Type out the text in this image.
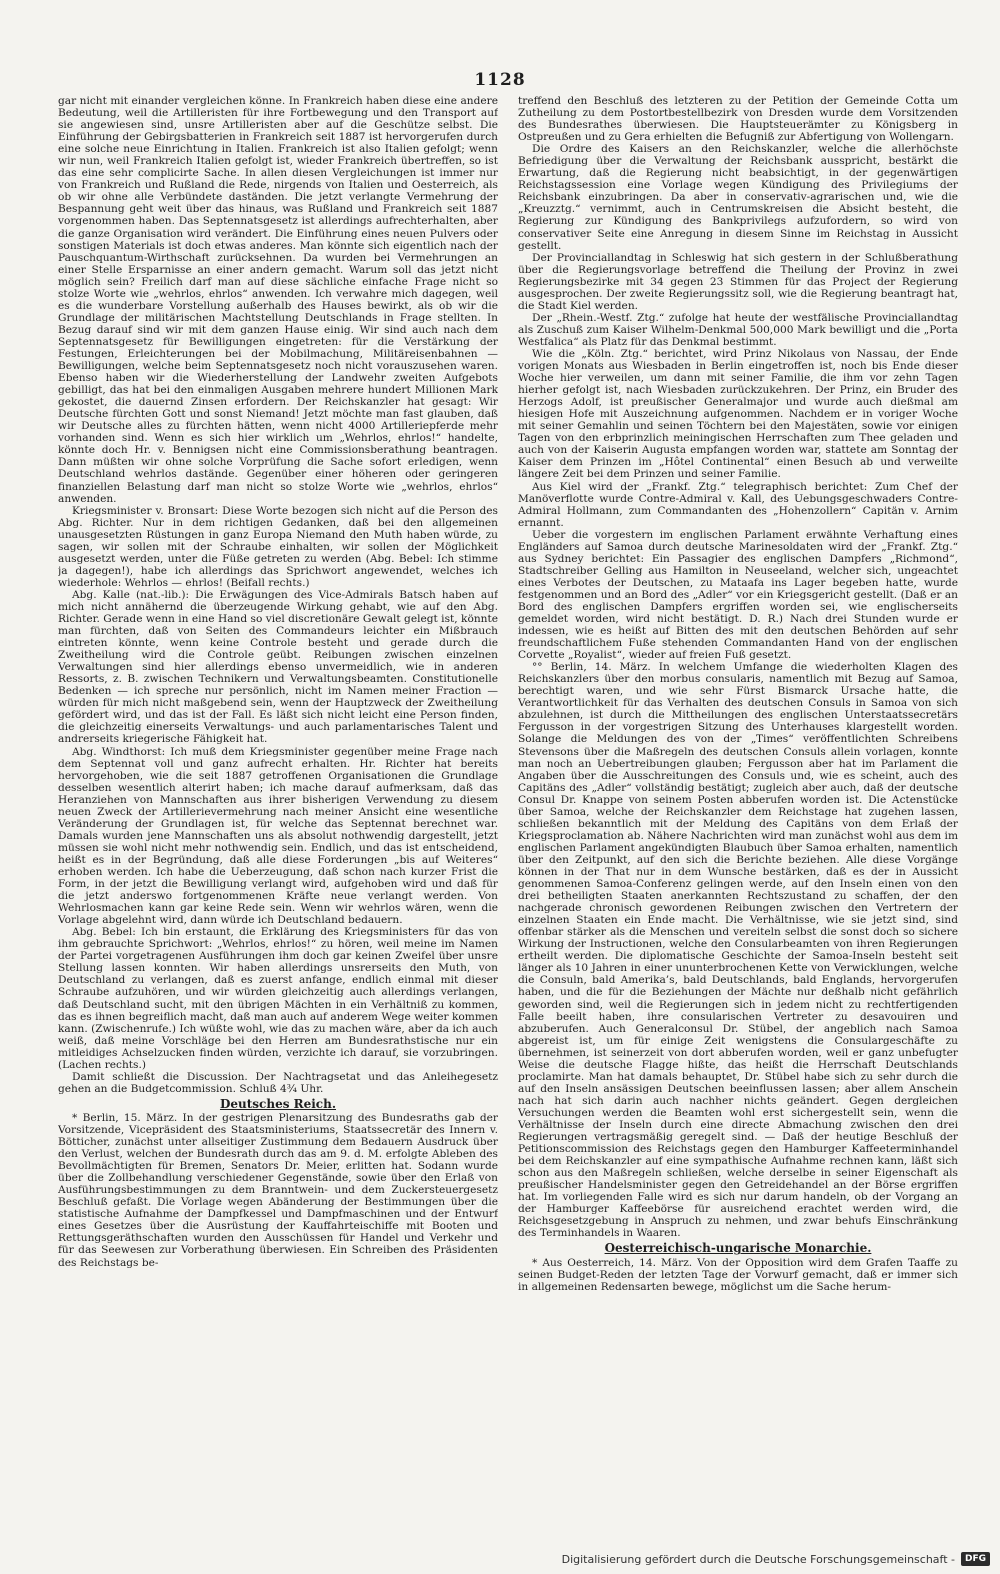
1128

gar nicht mit einander vergleichen könne. In Frankreich haben diese eine andere Bedeutung, weil die Artilleristen für ihre Fortbewegung und den Transport auf sie angewiesen sind, unsre Artilleristen aber auf die Geschütze selbst. Die Einführung der Gebirgsbatterien in Frankreich seit 1887 ist hervorgerufen durch eine solche neue Einrichtung in Italien. Frankreich ist also Italien gefolgt; wenn wir nun, weil Frankreich Italien gefolgt ist, wieder Frankreich übertreffen, so ist das eine sehr complicirte Sache. In allen diesen Vergleichungen ist immer nur von Frankreich und Rußland die Rede, nirgends von Italien und Oesterreich, als ob wir ohne alle Verbündete daständen. Die jetzt verlangte Vermehrung der Bespannung geht weit über das hinaus, was Rußland und Frankreich seit 1887 vorgenommen haben. Das Septennatsgesetz ist allerdings aufrechterhalten, aber die ganze Organisation wird verändert. Die Einführung eines neuen Pulvers oder sonstigen Materials ist doch etwas anderes. Man könnte sich eigentlich nach der Pauschquantum-Wirthschaft zurücksehnen. Da wurden bei Vermehrungen an einer Stelle Ersparnisse an einer andern gemacht. Warum soll das jetzt nicht möglich sein? Freilich darf man auf diese sächliche einfache Frage nicht so stolze Worte wie „wehrlos, ehrlos“ anwenden. Ich verwahre mich dagegen, weil es die wunderbare Vorstellung außerhalb des Hauses bewirkt, als ob wir die Grundlage der militärischen Machtstellung Deutschlands in Frage stellten. In Bezug darauf sind wir mit dem ganzen Hause einig. Wir sind auch nach dem Septennatsgesetz für Bewilligungen eingetreten: für die Verstärkung der Festungen, Erleichterungen bei der Mobilmachung, Militäreisenbahnen — Bewilligungen, welche beim Septennatsgesetz noch nicht vorauszusehen waren. Ebenso haben wir die Wiederherstellung der Landwehr zweiten Aufgebots gebilligt, das hat bei den einmaligen Ausgaben mehrere hundert Millionen Mark gekostet, die dauernd Zinsen erfordern. Der Reichskanzler hat gesagt: Wir Deutsche fürchten Gott und sonst Niemand! Jetzt möchte man fast glauben, daß wir Deutsche alles zu fürchten hätten, wenn nicht 4000 Artilleriepferde mehr vorhanden sind. Wenn es sich hier wirklich um „Wehrlos, ehrlos!“ handelte, könnte doch Hr. v. Bennigsen nicht eine Commissionsberathung beantragen. Dann müßten wir ohne solche Vorprüfung die Sache sofort erledigen, wenn Deutschland wehrlos dastände. Gegenüber einer höheren oder geringeren finanziellen Belastung darf man nicht so stolze Worte wie „wehrlos, ehrlos“ anwenden.

Kriegsminister v. Bronsart: Diese Worte bezogen sich nicht auf die Person des Abg. Richter. Nur in dem richtigen Gedanken, daß bei den allgemeinen unausgesetzten Rüstungen in ganz Europa Niemand den Muth haben würde, zu sagen, wir sollen mit der Schraube einhalten, wir sollen der Möglichkeit ausgesetzt werden, unter die Füße getreten zu werden (Abg. Bebel: Ich stimme ja dagegen!), habe ich allerdings das Sprichwort angewendet, welches ich wiederhole: Wehrlos — ehrlos! (Beifall rechts.)

Abg. Kalle (nat.-lib.): Die Erwägungen des Vice-Admirals Batsch haben auf mich nicht annähernd die überzeugende Wirkung gehabt, wie auf den Abg. Richter. Gerade wenn in eine Hand so viel discretionäre Gewalt gelegt ist, könnte man fürchten, daß von Seiten des Commandeurs leichter ein Mißbrauch eintreten könnte, wenn keine Controle besteht und gerade durch die Zweitheilung wird die Controle geübt. Reibungen zwischen einzelnen Verwaltungen sind hier allerdings ebenso unvermeidlich, wie in anderen Ressorts, z. B. zwischen Technikern und Verwaltungsbeamten. Constitutionelle Bedenken — ich spreche nur persönlich, nicht im Namen meiner Fraction — würden für mich nicht maßgebend sein, wenn der Hauptzweck der Zweitheilung gefördert wird, und das ist der Fall. Es läßt sich nicht leicht eine Person finden, die gleichzeitig einerseits Verwaltungs- und auch parlamentarisches Talent und andrerseits kriegerische Fähigkeit hat.

Abg. Windthorst: Ich muß dem Kriegsminister gegenüber meine Frage nach dem Septennat voll und ganz aufrecht erhalten. Hr. Richter hat bereits hervorgehoben, wie die seit 1887 getroffenen Organisationen die Grundlage desselben wesentlich alterirt haben; ich mache darauf aufmerksam, daß das Heranziehen von Mannschaften aus ihrer bisherigen Verwendung zu diesem neuen Zweck der Artillerievermehrung nach meiner Ansicht eine wesentliche Veränderung der Grundlagen ist, für welche das Septennat berechnet war. Damals wurden jene Mannschaften uns als absolut nothwendig dargestellt, jetzt müssen sie wohl nicht mehr nothwendig sein. Endlich, und das ist entscheidend, heißt es in der Begründung, daß alle diese Forderungen „bis auf Weiteres“ erhoben werden. Ich habe die Ueberzeugung, daß schon nach kurzer Frist die Form, in der jetzt die Bewilligung verlangt wird, aufgehoben wird und daß für die jetzt anderswo fortgenommenen Kräfte neue verlangt werden. Von Wehrlosmachen kann gar keine Rede sein. Wenn wir wehrlos wären, wenn die Vorlage abgelehnt wird, dann würde ich Deutschland bedauern.

Abg. Bebel: Ich bin erstaunt, die Erklärung des Kriegsministers für das von ihm gebrauchte Sprichwort: „Wehrlos, ehrlos!“ zu hören, weil meine im Namen der Partei vorgetragenen Ausführungen ihm doch gar keinen Zweifel über unsre Stellung lassen konnten. Wir haben allerdings unsrerseits den Muth, von Deutschland zu verlangen, daß es zuerst anfange, endlich einmal mit dieser Schraube aufzuhören, und wir würden gleichzeitig auch allerdings verlangen, daß Deutschland sucht, mit den übrigen Mächten in ein Verhältniß zu kommen, das es ihnen begreiflich macht, daß man auch auf anderem Wege weiter kommen kann. (Zwischenrufe.) Ich wüßte wohl, wie das zu machen wäre, aber da ich auch weiß, daß meine Vorschläge bei den Herren am Bundesrathstische nur ein mitleidiges Achselzucken finden würden, verzichte ich darauf, sie vorzubringen. (Lachen rechts.)

Damit schließt die Discussion. Der Nachtragsetat und das Anleihegesetz gehen an die Budgetcommission. Schluß 4¾ Uhr.

Deutsches Reich.

* Berlin, 15. März. In der gestrigen Plenarsitzung des Bundesraths gab der Vorsitzende, Vicepräsident des Staatsministeriums, Staatssecretär des Innern v. Bötticher, zunächst unter allseitiger Zustimmung dem Bedauern Ausdruck über den Verlust, welchen der Bundesrath durch das am 9. d. M. erfolgte Ableben des Bevollmächtigten für Bremen, Senators Dr. Meier, erlitten hat. Sodann wurde über die Zollbehandlung verschiedener Gegenstände, sowie über den Erlaß von Ausführungsbestimmungen zu dem Branntwein- und dem Zuckersteuergesetz Beschluß gefaßt. Die Vorlage wegen Abänderung der Bestimmungen über die statistische Aufnahme der Dampfkessel und Dampfmaschinen und der Entwurf eines Gesetzes über die Ausrüstung der Kauffahrteischiffe mit Booten und Rettungsgeräthschaften wurden den Ausschüssen für Handel und Verkehr und für das Seewesen zur Vorberathung überwiesen. Ein Schreiben des Präsidenten des Reichstags be-

treffend den Beschluß des letzteren zu der Petition der Gemeinde Cotta um Zutheilung zu dem Postortbestellbezirk von Dresden wurde dem Vorsitzenden des Bundesrathes überwiesen. Die Hauptsteuerämter zu Königsberg in Ostpreußen und zu Gera erhielten die Befugniß zur Abfertigung von Wollengarn.

Die Ordre des Kaisers an den Reichskanzler, welche die allerhöchste Befriedigung über die Verwaltung der Reichsbank ausspricht, bestärkt die Erwartung, daß die Regierung nicht beabsichtigt, in der gegenwärtigen Reichstagssession eine Vorlage wegen Kündigung des Privilegiums der Reichsbank einzubringen. Da aber in conservativ-agrarischen und, wie die „Kreuzztg.“ vernimmt, auch in Centrumskreisen die Absicht besteht, die Regierung zur Kündigung des Bankprivilegs aufzufordern, so wird von conservativer Seite eine Anregung in diesem Sinne im Reichstag in Aussicht gestellt.

Der Provinciallandtag in Schleswig hat sich gestern in der Schlußberathung über die Regierungsvorlage betreffend die Theilung der Provinz in zwei Regierungsbezirke mit 34 gegen 23 Stimmen für das Project der Regierung ausgesprochen. Der zweite Regierungssitz soll, wie die Regierung beantragt hat, die Stadt Kiel werden.

Der „Rhein.-Westf. Ztg.“ zufolge hat heute der westfälische Provinciallandtag als Zuschuß zum Kaiser Wilhelm-Denkmal 500,000 Mark bewilligt und die „Porta Westfalica“ als Platz für das Denkmal bestimmt.

Wie die „Köln. Ztg.“ berichtet, wird Prinz Nikolaus von Nassau, der Ende vorigen Monats aus Wiesbaden in Berlin eingetroffen ist, noch bis Ende dieser Woche hier verweilen, um dann mit seiner Familie, die ihm vor zehn Tagen hierher gefolgt ist, nach Wiesbaden zurückzukehren. Der Prinz, ein Bruder des Herzogs Adolf, ist preußischer Generalmajor und wurde auch dießmal am hiesigen Hofe mit Auszeichnung aufgenommen. Nachdem er in voriger Woche mit seiner Gemahlin und seinen Töchtern bei den Majestäten, sowie vor einigen Tagen von den erbprinzlich meiningischen Herrschaften zum Thee geladen und auch von der Kaiserin Augusta empfangen worden war, stattete am Sonntag der Kaiser dem Prinzen im „Hôtel Continental“ einen Besuch ab und verweilte längere Zeit bei dem Prinzen und seiner Familie.

Aus Kiel wird der „Frankf. Ztg.“ telegraphisch berichtet: Zum Chef der Manöverflotte wurde Contre-Admiral v. Kall, des Uebungsgeschwaders Contre-Admiral Hollmann, zum Commandanten des „Hohenzollern“ Capitän v. Arnim ernannt.

Ueber die vorgestern im englischen Parlament erwähnte Verhaftung eines Engländers auf Samoa durch deutsche Marinesoldaten wird der „Frankf. Ztg.“ aus Sydney berichtet: Ein Passagier des englischen Dampfers „Richmond“, Stadtschreiber Gelling aus Hamilton in Neuseeland, welcher sich, ungeachtet eines Verbotes der Deutschen, zu Mataafa ins Lager begeben hatte, wurde festgenommen und an Bord des „Adler“ vor ein Kriegsgericht gestellt. (Daß er an Bord des englischen Dampfers ergriffen worden sei, wie englischerseits gemeldet worden, wird nicht bestätigt. D. R.) Nach drei Stunden wurde er indessen, wie es heißt auf Bitten des mit den deutschen Behörden auf sehr freundschaftlichem Fuße stehenden Commandanten Hand von der englischen Corvette „Royalist“, wieder auf freien Fuß gesetzt.

°° Berlin, 14. März. In welchem Umfange die wiederholten Klagen des Reichskanzlers über den morbus consularis, namentlich mit Bezug auf Samoa, berechtigt waren, und wie sehr Fürst Bismarck Ursache hatte, die Verantwortlichkeit für das Verhalten des deutschen Consuls in Samoa von sich abzulehnen, ist durch die Mittheilungen des englischen Unterstaatssecretärs Fergusson in der vorgestrigen Sitzung des Unterhauses klargestellt worden. Solange die Meldungen des von der „Times“ veröffentlichten Schreibens Stevensons über die Maßregeln des deutschen Consuls allein vorlagen, konnte man noch an Uebertreibungen glauben; Fergusson aber hat im Parlament die Angaben über die Ausschreitungen des Consuls und, wie es scheint, auch des Capitäns des „Adler“ vollständig bestätigt; zugleich aber auch, daß der deutsche Consul Dr. Knappe von seinem Posten abberufen worden ist. Die Actenstücke über Samoa, welche der Reichskanzler dem Reichstage hat zugehen lassen, schließen bekanntlich mit der Meldung des Capitäns von dem Erlaß der Kriegsproclamation ab. Nähere Nachrichten wird man zunächst wohl aus dem im englischen Parlament angekündigten Blaubuch über Samoa erhalten, namentlich über den Zeitpunkt, auf den sich die Berichte beziehen. Alle diese Vorgänge können in der That nur in dem Wunsche bestärken, daß es der in Aussicht genommenen Samoa-Conferenz gelingen werde, auf den Inseln einen von den drei betheiligten Staaten anerkannten Rechtszustand zu schaffen, der den nachgerade chronisch gewordenen Reibungen zwischen den Vertretern der einzelnen Staaten ein Ende macht. Die Verhältnisse, wie sie jetzt sind, sind offenbar stärker als die Menschen und vereiteln selbst die sonst doch so sichere Wirkung der Instructionen, welche den Consularbeamten von ihren Regierungen ertheilt werden. Die diplomatische Geschichte der Samoa-Inseln besteht seit länger als 10 Jahren in einer ununterbrochenen Kette von Verwicklungen, welche die Consuln, bald Amerika’s, bald Deutschlands, bald Englands, hervorgerufen haben, und die für die Beziehungen der Mächte nur deßhalb nicht gefährlich geworden sind, weil die Regierungen sich in jedem nicht zu rechtfertigenden Falle beeilt haben, ihre consularischen Vertreter zu desavouiren und abzuberufen. Auch Generalconsul Dr. Stübel, der angeblich nach Samoa abgereist ist, um für einige Zeit wenigstens die Consulargeschäfte zu übernehmen, ist seinerzeit von dort abberufen worden, weil er ganz unbefugter Weise die deutsche Flagge hißte, das heißt die Herrschaft Deutschlands proclamirte. Man hat damals behauptet, Dr. Stübel habe sich zu sehr durch die auf den Inseln ansässigen Deutschen beeinflussen lassen; aber allem Anschein nach hat sich darin auch nachher nichts geändert. Gegen dergleichen Versuchungen werden die Beamten wohl erst sichergestellt sein, wenn die Verhältnisse der Inseln durch eine directe Abmachung zwischen den drei Regierungen vertragsmäßig geregelt sind. — Daß der heutige Beschluß der Petitionscommission des Reichstags gegen den Hamburger Kaffeeterminhandel bei dem Reichskanzler auf eine sympathische Aufnahme rechnen kann, läßt sich schon aus den Maßregeln schließen, welche derselbe in seiner Eigenschaft als preußischer Handelsminister gegen den Getreidehandel an der Börse ergriffen hat. Im vorliegenden Falle wird es sich nur darum handeln, ob der Vorgang an der Hamburger Kaffeebörse für ausreichend erachtet werden wird, die Reichsgesetzgebung in Anspruch zu nehmen, und zwar behufs Einschränkung des Terminhandels in Waaren.

Oesterreichisch-ungarische Monarchie.

* Aus Oesterreich, 14. März. Von der Opposition wird dem Grafen Taaffe zu seinen Budget-Reden der letzten Tage der Vorwurf gemacht, daß er immer sich in allgemeinen Redensarten bewege, möglichst um die Sache herum-

Digitalisierung gefördert durch die Deutsche Forschungsgemeinschaft -	DFG
